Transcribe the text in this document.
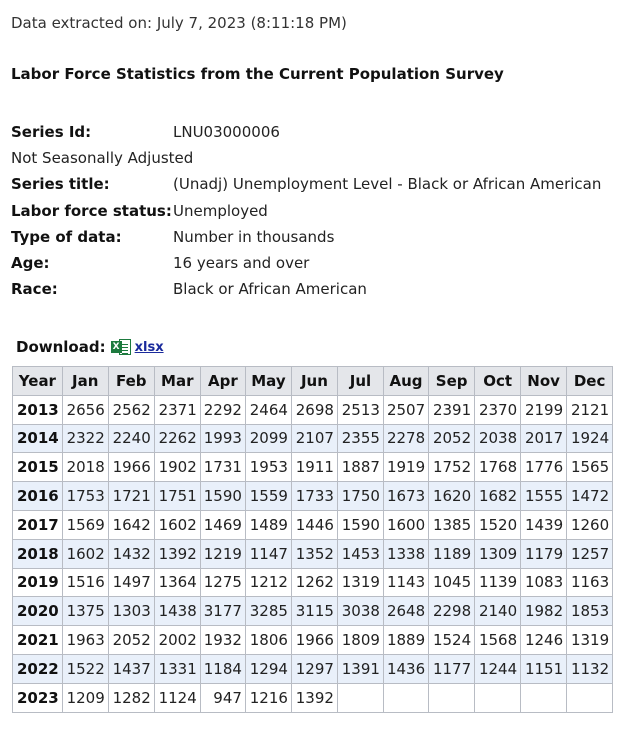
Data extracted on: July 7, 2023 (8:11:18 PM)
Labor Force Statistics from the Current Population Survey
Series Id:	LNU03000006
Not Seasonally Adjusted
Series title:	(Unadj) Unemployment Level - Black or African American
Labor force status:Unemployed
Type of data:	Number in thousands
Age:	16 years and over
Race:	Black or African American
Download: X xlsx
Year	Jan	Feb	Mar	Apr	May	Jun	Jul	Aug	Sep	Oct	Nov	Dec
2013	2656	2562	2371	2292	2464	2698	2513	2507	2391	2370	2199	2121
2014	2322	2240	2262	1993	2099	2107	2355	2278	2052	2038	2017	1924
2015	2018	1966	1902	1731	1953	1911	1887	1919	1752	1768	1776	1565
2016	1753	1721	1751	1590	1559	1733	1750	1673	1620	1682	1555	1472
2017	1569	1642	1602	1469	1489	1446	1590	1600	1385	1520	1439	1260
2018	1602	1432	1392	1219	1147	1352	1453	1338	1189	1309	1179	1257
2019	1516	1497	1364	1275	1212	1262	1319	1143	1045	1139	1083	1163
2020	1375	1303	1438	3177	3285	3115	3038	2648	2298	2140	1982	1853
2021	1963	2052	2002	1932	1806	1966	1809	1889	1524	1568	1246	1319
2022	1522	1437	1331	1184	1294	1297	1391	1436	1177	1244	1151	1132
2023	1209	1282	1124	947	1216	1392						
